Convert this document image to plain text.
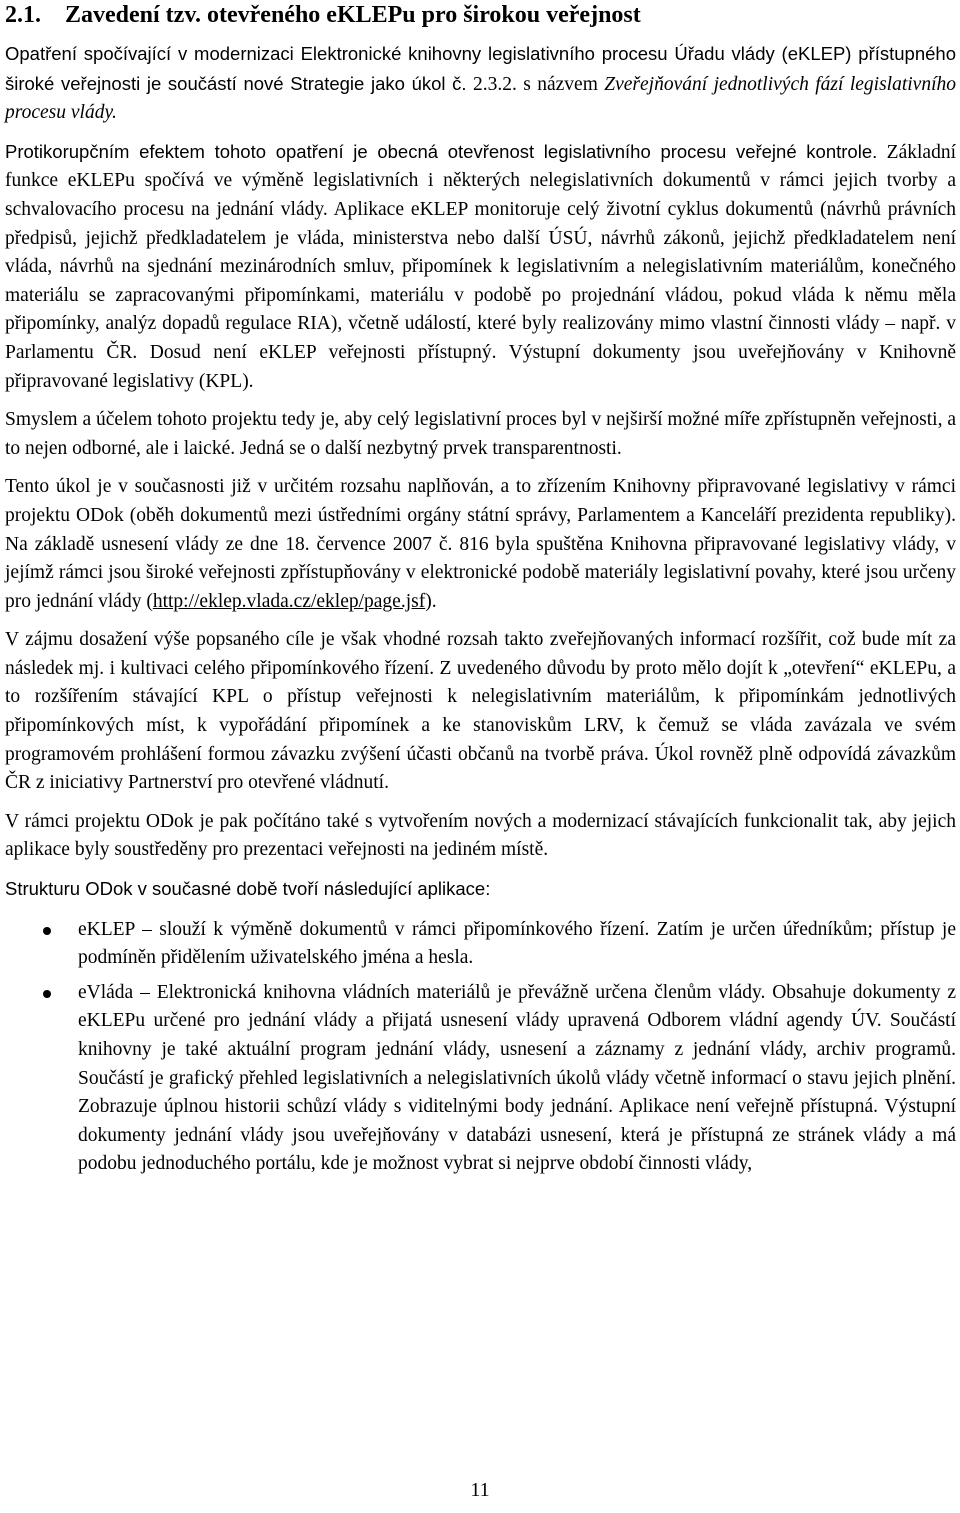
2.1. Zavedení tzv. otevřeného eKLEPu pro širokou veřejnost

Opatření spočívající v modernizaci Elektronické knihovny legislativního procesu Úřadu vlády (eKLEP) přístupného široké veřejnosti je součástí nové Strategie jako úkol č. 2.3.2. s názvem Zveřejňování jednotlivých fází legislativního procesu vlády.

Protikorupčním efektem tohoto opatření je obecná otevřenost legislativního procesu veřejné kontrole. Základní funkce eKLEPu spočívá ve výměně legislativních i některých nelegislativních dokumentů v rámci jejich tvorby a schvalovacího procesu na jednání vlády. Aplikace eKLEP monitoruje celý životní cyklus dokumentů (návrhů právních předpisů, jejichž předkladatelem je vláda, ministerstva nebo další ÚSÚ, návrhů zákonů, jejichž předkladatelem není vláda, návrhů na sjednání mezinárodních smluv, připomínek k legislativním a nelegislativním materiálům, konečného materiálu se zapracovanými připomínkami, materiálu v podobě po projednání vládou, pokud vláda k němu měla připomínky, analýz dopadů regulace RIA), včetně událostí, které byly realizovány mimo vlastní činnosti vlády – např. v Parlamentu ČR. Dosud není eKLEP veřejnosti přístupný. Výstupní dokumenty jsou uveřejňovány v Knihovně připravované legislativy (KPL).

Smyslem a účelem tohoto projektu tedy je, aby celý legislativní proces byl v nejširší možné míře zpřístupněn veřejnosti, a to nejen odborné, ale i laické. Jedná se o další nezbytný prvek transparentnosti.

Tento úkol je v současnosti již v určitém rozsahu naplňován, a to zřízením Knihovny připravované legislativy v rámci projektu ODok (oběh dokumentů mezi ústředními orgány státní správy, Parlamentem a Kanceláří prezidenta republiky). Na základě usnesení vlády ze dne 18. července 2007 č. 816 byla spuštěna Knihovna připravované legislativy vlády, v jejímž rámci jsou široké veřejnosti zpřístupňovány v elektronické podobě materiály legislativní povahy, které jsou určeny pro jednání vlády (http://eklep.vlada.cz/eklep/page.jsf).

V zájmu dosažení výše popsaného cíle je však vhodné rozsah takto zveřejňovaných informací rozšířit, což bude mít za následek mj. i kultivaci celého připomínkového řízení. Z uvedeného důvodu by proto mělo dojít k „otevření“ eKLEPu, a to rozšířením stávající KPL o přístup veřejnosti k nelegislativním materiálům, k připomínkám jednotlivých připomínkových míst, k vypořádání připomínek a ke stanoviskům LRV, k čemuž se vláda zavázala ve svém programovém prohlášení formou závazku zvýšení účasti občanů na tvorbě práva. Úkol rovněž plně odpovídá závazkům ČR z iniciativy Partnerství pro otevřené vládnutí.

V rámci projektu ODok je pak počítáno také s vytvořením nových a modernizací stávajících funkcionalit tak, aby jejich aplikace byly soustředěny pro prezentaci veřejnosti na jediném místě.

Strukturu ODok v současné době tvoří následující aplikace:

eKLEP – slouží k výměně dokumentů v rámci připomínkového řízení. Zatím je určen úředníkům; přístup je podmíněn přidělením uživatelského jména a hesla.
eVláda – Elektronická knihovna vládních materiálů je převážně určena členům vlády. Obsahuje dokumenty z eKLEPu určené pro jednání vlády a přijatá usnesení vlády upravená Odborem vládní agendy ÚV. Součástí knihovny je také aktuální program jednání vlády, usnesení a záznamy z jednání vlády, archiv programů. Součástí je grafický přehled legislativních a nelegislativních úkolů vlády včetně informací o stavu jejich plnění. Zobrazuje úplnou historii schůzí vlády s viditelnými body jednání. Aplikace není veřejně přístupná. Výstupní dokumenty jednání vlády jsou uveřejňovány v databázi usnesení, která je přístupná ze stránek vlády a má podobu jednoduchého portálu, kde je možnost vybrat si nejprve období činnosti vlády,
11
